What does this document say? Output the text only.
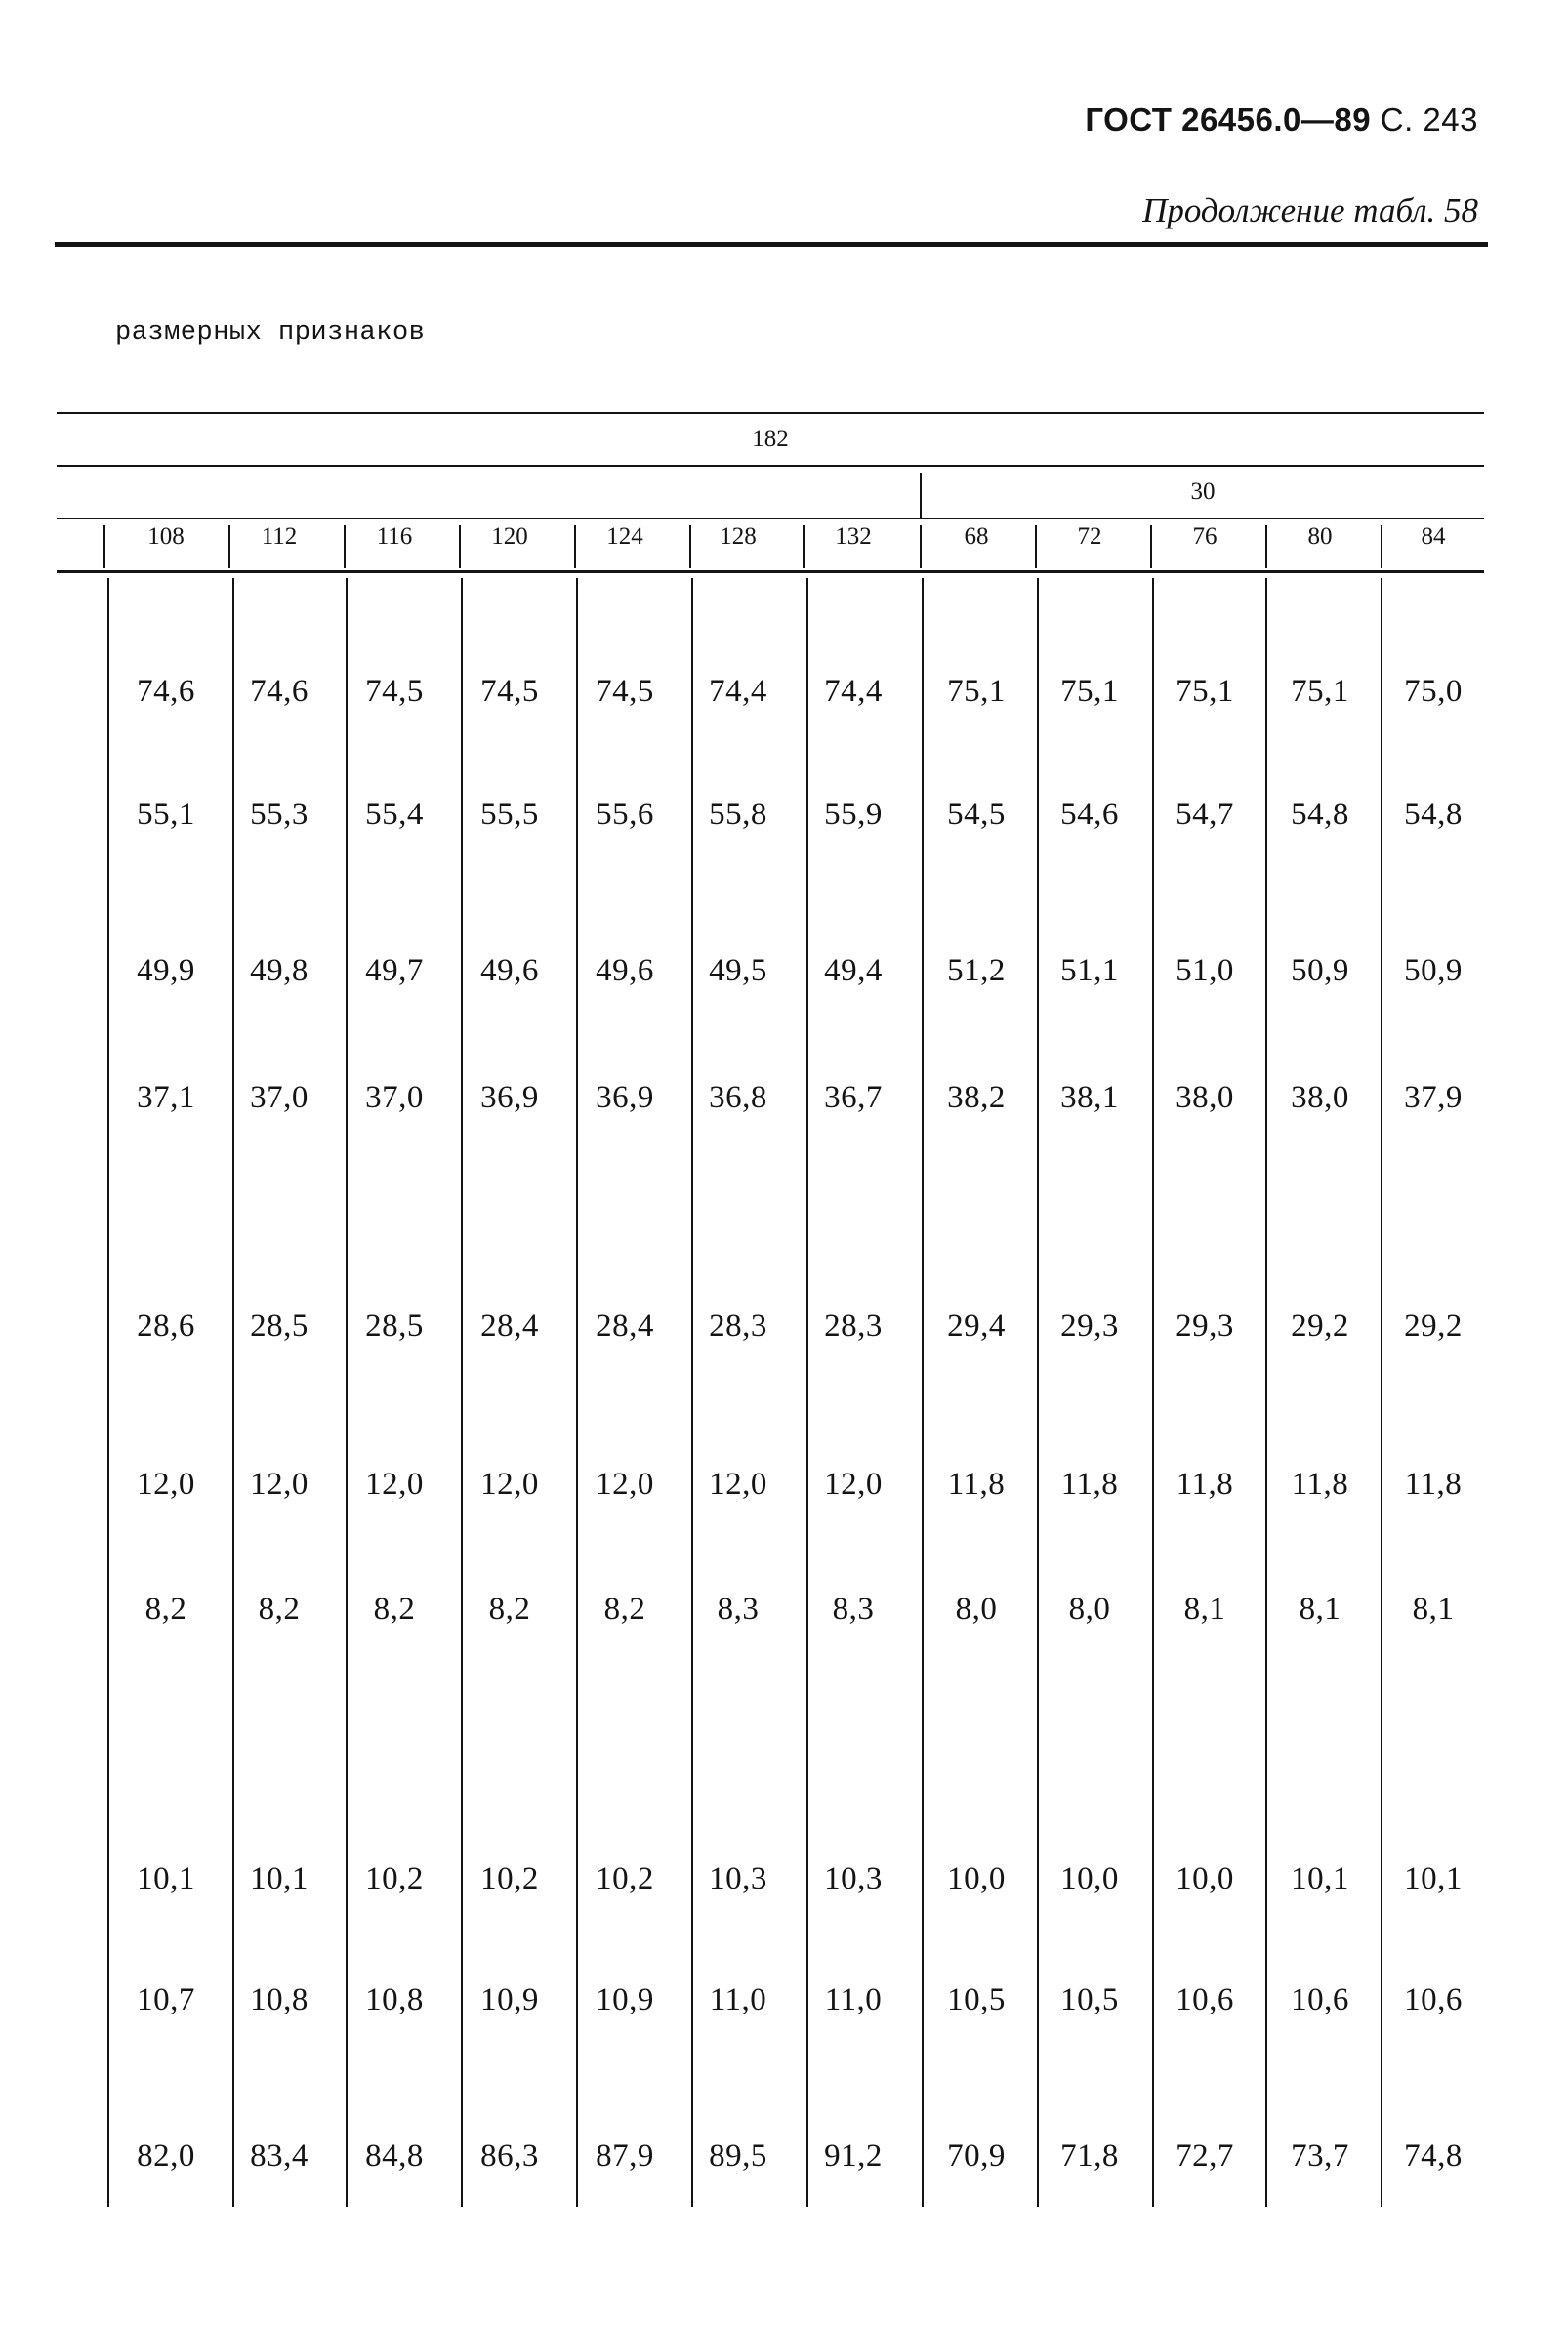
ГОСТ 26456.0—89 С. 243
Продолжение табл. 58
размерных признаков
182
30
108	112	116	120	124	128	132	68	72	76	80	84
74,6	74,6	74,5	74,5	74,5	74,4	74,4	75,1	75,1	75,1	75,1	75,0
55,1	55,3	55,4	55,5	55,6	55,8	55,9	54,5	54,6	54,7	54,8	54,8
49,9	49,8	49,7	49,6	49,6	49,5	49,4	51,2	51,1	51,0	50,9	50,9
37,1	37,0	37,0	36,9	36,9	36,8	36,7	38,2	38,1	38,0	38,0	37,9
28,6	28,5	28,5	28,4	28,4	28,3	28,3	29,4	29,3	29,3	29,2	29,2
12,0	12,0	12,0	12,0	12,0	12,0	12,0	11,8	11,8	11,8	11,8	11,8
8,2	8,2	8,2	8,2	8,2	8,3	8,3	8,0	8,0	8,1	8,1	8,1
10,1	10,1	10,2	10,2	10,2	10,3	10,3	10,0	10,0	10,0	10,1	10,1
10,7	10,8	10,8	10,9	10,9	11,0	11,0	10,5	10,5	10,6	10,6	10,6
82,0	83,4	84,8	86,3	87,9	89,5	91,2	70,9	71,8	72,7	73,7	74,8
